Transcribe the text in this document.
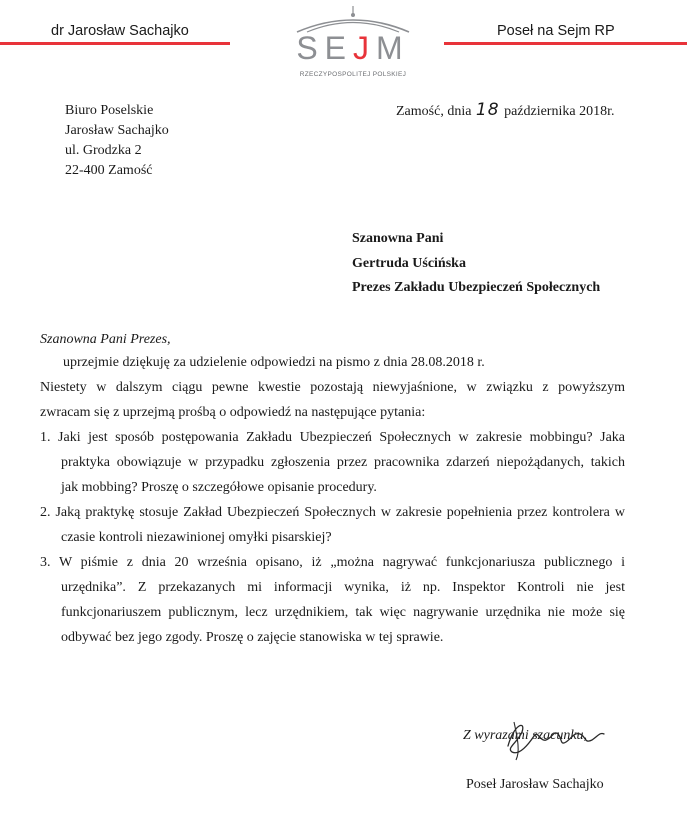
dr Jarosław Sachajko	Poseł na Sejm RP
SEJM
RZECZYPOSPOLITEJ POLSKIEJ
Biuro Poselskie
Jarosław Sachajko
ul. Grodzka 2
22-400 Zamość
Zamość, dnia 18 października 2018r.
Szanowna Pani
Gertruda Uścińska
Prezes Zakładu Ubezpieczeń Społecznych
Szanowna Pani Prezes,
uprzejmie dziękuję za udzielenie odpowiedzi na pismo z dnia 28.08.2018 r.
Niestety w dalszym ciągu pewne kwestie pozostają niewyjaśnione, w związku z powyższym
zwracam się z uprzejmą prośbą o odpowiedź na następujące pytania:
1. Jaki jest sposób postępowania Zakładu Ubezpieczeń Społecznych w zakresie mobbingu? Jaka
praktyka obowiązuje w przypadku zgłoszenia przez pracownika zdarzeń niepożądanych, takich
jak mobbing? Proszę o szczegółowe opisanie procedury.
2. Jaką praktykę stosuje Zakład Ubezpieczeń Społecznych w zakresie popełnienia przez kontrolera w
czasie kontroli niezawinionej omyłki pisarskiej?
3. W piśmie z dnia 20 września opisano, iż „można nagrywać funkcjonariusza publicznego i
urzędnika”. Z przekazanych mi informacji wynika, iż np. Inspektor Kontroli nie jest
funkcjonariuszem publicznym, lecz urzędnikiem, tak więc nagrywanie urzędnika nie może się
odbywać bez jego zgody. Proszę o zajęcie stanowiska w tej sprawie.
Z wyrazami szacunku,
Poseł Jarosław Sachajko
